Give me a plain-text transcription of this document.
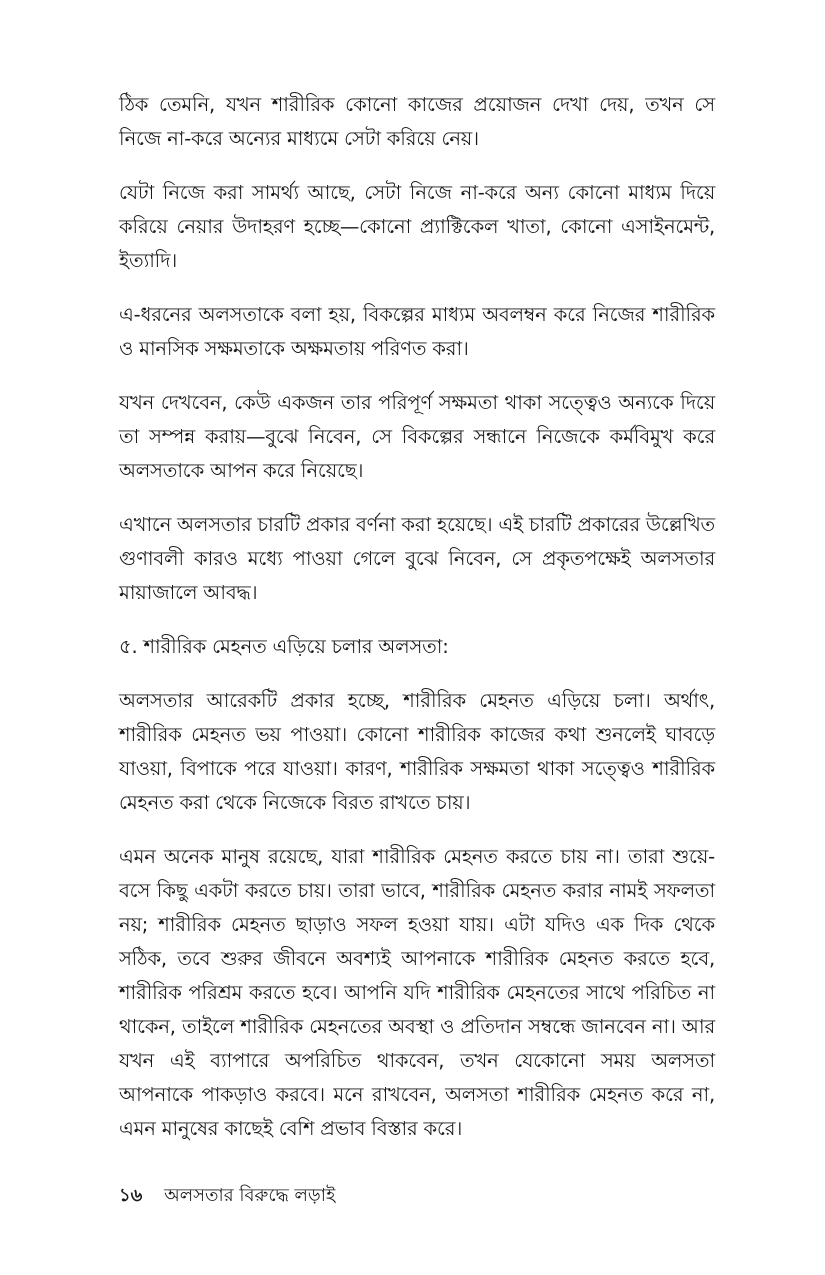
ঠিক তেমনি, যখন শারীরিক কোনো কাজের প্রয়োজন দেখা দেয়, তখন সে নিজে না-করে অন্যের মাধ্যমে সেটা করিয়ে নেয়।

যেটা নিজে করা সামর্থ্য আছে, সেটা নিজে না-করে অন্য কোনো মাধ্যম দিয়ে করিয়ে নেয়ার উদাহরণ হচ্ছে—কোনো প্র্যাক্টিকেল খাতা, কোনো এসাইনমেন্ট, ইত্যাদি।

এ-ধরনের অলসতাকে বলা হয়, বিকল্পের মাধ্যম অবলম্বন করে নিজের শারীরিক ও মানসিক সক্ষমতাকে অক্ষমতায় পরিণত করা।

যখন দেখবেন, কেউ একজন তার পরিপূর্ণ সক্ষমতা থাকা সত্ত্বেও অন্যকে দিয়ে তা সম্পন্ন করায়—বুঝে নিবেন, সে বিকল্পের সন্ধানে নিজেকে কর্মবিমুখ করে অলসতাকে আপন করে নিয়েছে।

এখানে অলসতার চারটি প্রকার বর্ণনা করা হয়েছে। এই চারটি প্রকারের উল্লেখিত গুণাবলী কারও মধ্যে পাওয়া গেলে বুঝে নিবেন, সে প্রকৃতপক্ষেই অলসতার মায়াজালে আবদ্ধ।

৫. শারীরিক মেহনত এড়িয়ে চলার অলসতা:

অলসতার আরেকটি প্রকার হচ্ছে, শারীরিক মেহনত এড়িয়ে চলা। অর্থাৎ, শারীরিক মেহনত ভয় পাওয়া। কোনো শারীরিক কাজের কথা শুনলেই ঘাবড়ে যাওয়া, বিপাকে পরে যাওয়া। কারণ, শারীরিক সক্ষমতা থাকা সত্ত্বেও শারীরিক মেহনত করা থেকে নিজেকে বিরত রাখতে চায়।

এমন অনেক মানুষ রয়েছে, যারা শারীরিক মেহনত করতে চায় না। তারা শুয়ে-বসে কিছু একটা করতে চায়। তারা ভাবে, শারীরিক মেহনত করার নামই সফলতা নয়; শারীরিক মেহনত ছাড়াও সফল হওয়া যায়। এটা যদিও এক দিক থেকে সঠিক, তবে শুরুর জীবনে অবশ্যই আপনাকে শারীরিক মেহনত করতে হবে, শারীরিক পরিশ্রম করতে হবে। আপনি যদি শারীরিক মেহনতের সাথে পরিচিত না থাকেন, তাইলে শারীরিক মেহনতের অবস্থা ও প্রতিদান সম্বন্ধে জানবেন না। আর যখন এই ব্যাপারে অপরিচিত থাকবেন, তখন যেকোনো সময় অলসতা আপনাকে পাকড়াও করবে। মনে রাখবেন, অলসতা শারীরিক মেহনত করে না, এমন মানুষের কাছেই বেশি প্রভাব বিস্তার করে।

১৬ অলসতার বিরুদ্ধে লড়াই
